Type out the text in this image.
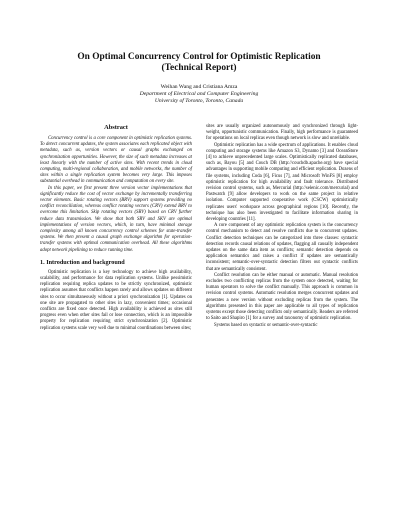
On Optimal Concurrency Control for Optimistic Replication
(Technical Report)
Weihan Wang and Cristiana Amza
Department of Electrical and Computer Engineering
University of Toronto, Toronto, Canada
Abstract

Concurrency control is a core component in optimistic replication systems. To detect concurrent updates, the system associates each replicated object with metadata, such as, version vectors or causal graphs exchanged on synchronization opportunities. However, the size of such metadata increases at least linearly with the number of active sites. With recent trends in cloud computing, multi-regional collaboration, and mobile networks, the number of sites within a single replication system becomes very large. This imposes substantial overhead in communication and computation on every site.

In this paper, we first present three version vector implementations that significantly reduce the cost of vector exchange by incrementally transferring vector elements. Basic rotating vectors (BRV) support systems providing no conflict reconciliation, whereas conflict rotating vectors (CRV) extend BRV to overcome this limitation. Skip rotating vectors (SRV) based on CRV further reduce data transmission. We show that both SRV and SKV are optimal implementations of version vectors, which, in turn, have minimal storage complexity among all known concurrency control schemes for state-transfer systems. We then present a causal graph exchange algorithm for operation-transfer systems with optimal communication overhead. All these algorithms adopt network pipelining to reduce running time.

1. Introduction and background

Optimistic replication is a key technology to achieve high availability, scalability, and performance for data replication systems. Unlike pessimistic replication requiring replica updates to be strictly synchronized, optimistic replication assumes that conflicts happen rarely and allows updates on different sites to occur simultaneously without a priori synchronization [1]. Updates on one site are propagated to other sites in lazy, convenient times; occasional conflicts are fixed once detected. High availability is achieved as sites still progress even when other sites fail or lose connection, which is an impossible property for replication requiring strict synchronization [2]. Optimistic replication systems scale very well due to minimal coordinations between sites;

sites are usually organized autonomously and synchronized through light-weight, opportunistic communication. Finally, high performance is guaranteed for operations on local replicas even though network is slow and unreliable.

Optimistic replication has a wide spectrum of applications. It enables cloud computing and storage systems like Amazon S3, Dynamo [3] and OceanStore [4] to achieve unprecedented large scales. Optimistically replicated databases, such as, Bayou [5] and Couch DB (http://couchdb.apache.org) have special advantages in supporting mobile computing and efficient replication. Dozens of file systems, including Coda [6], Ficus [7], and Microsoft WinFS [8] employ optimistic replication for high availability and fault tolerance. Distributed revision control systems, such as, Mercurial (http://selenic.com/mercurial) and Pastwatch [9] allow developers to work on the same project in relative isolation. Computer supported cooperative work (CSCW) optimistically replicates users' workspace across geographical regions [10]. Recently, the technique has also been investigated to facilitate information sharing in developing countries [11].

A core component of any optimistic replication system is the concurrency control mechanism to detect and resolve conflicts due to concurrent updates. Conflict detection techniques can be categorized into three classes: syntactic detection records causal relations of updates, flagging all causally independent updates on the same data item as conflicts; semantic detection depends on application semantics and raises a conflict if updates are semantically inconsistent; semantic-over-syntactic detection filters out syntactic conflicts that are semantically consistent.

Conflict resolution can be either manual or automatic. Manual resolution excludes two conflicting replicas from the system once detected, waiting for human operators to solve the conflict manually. This approach is common in revision control systems. Automatic resolution merges concurrent updates and generates a new version without excluding replicas from the system. The algorithms presented in this paper are applicable to all types of replication systems except those detecting conflicts only semantically. Readers are referred to Saito and Shapiro [1] for a survey and taxonomy of optimistic replication.

Systems based on syntactic or semantic-over-syntactic
